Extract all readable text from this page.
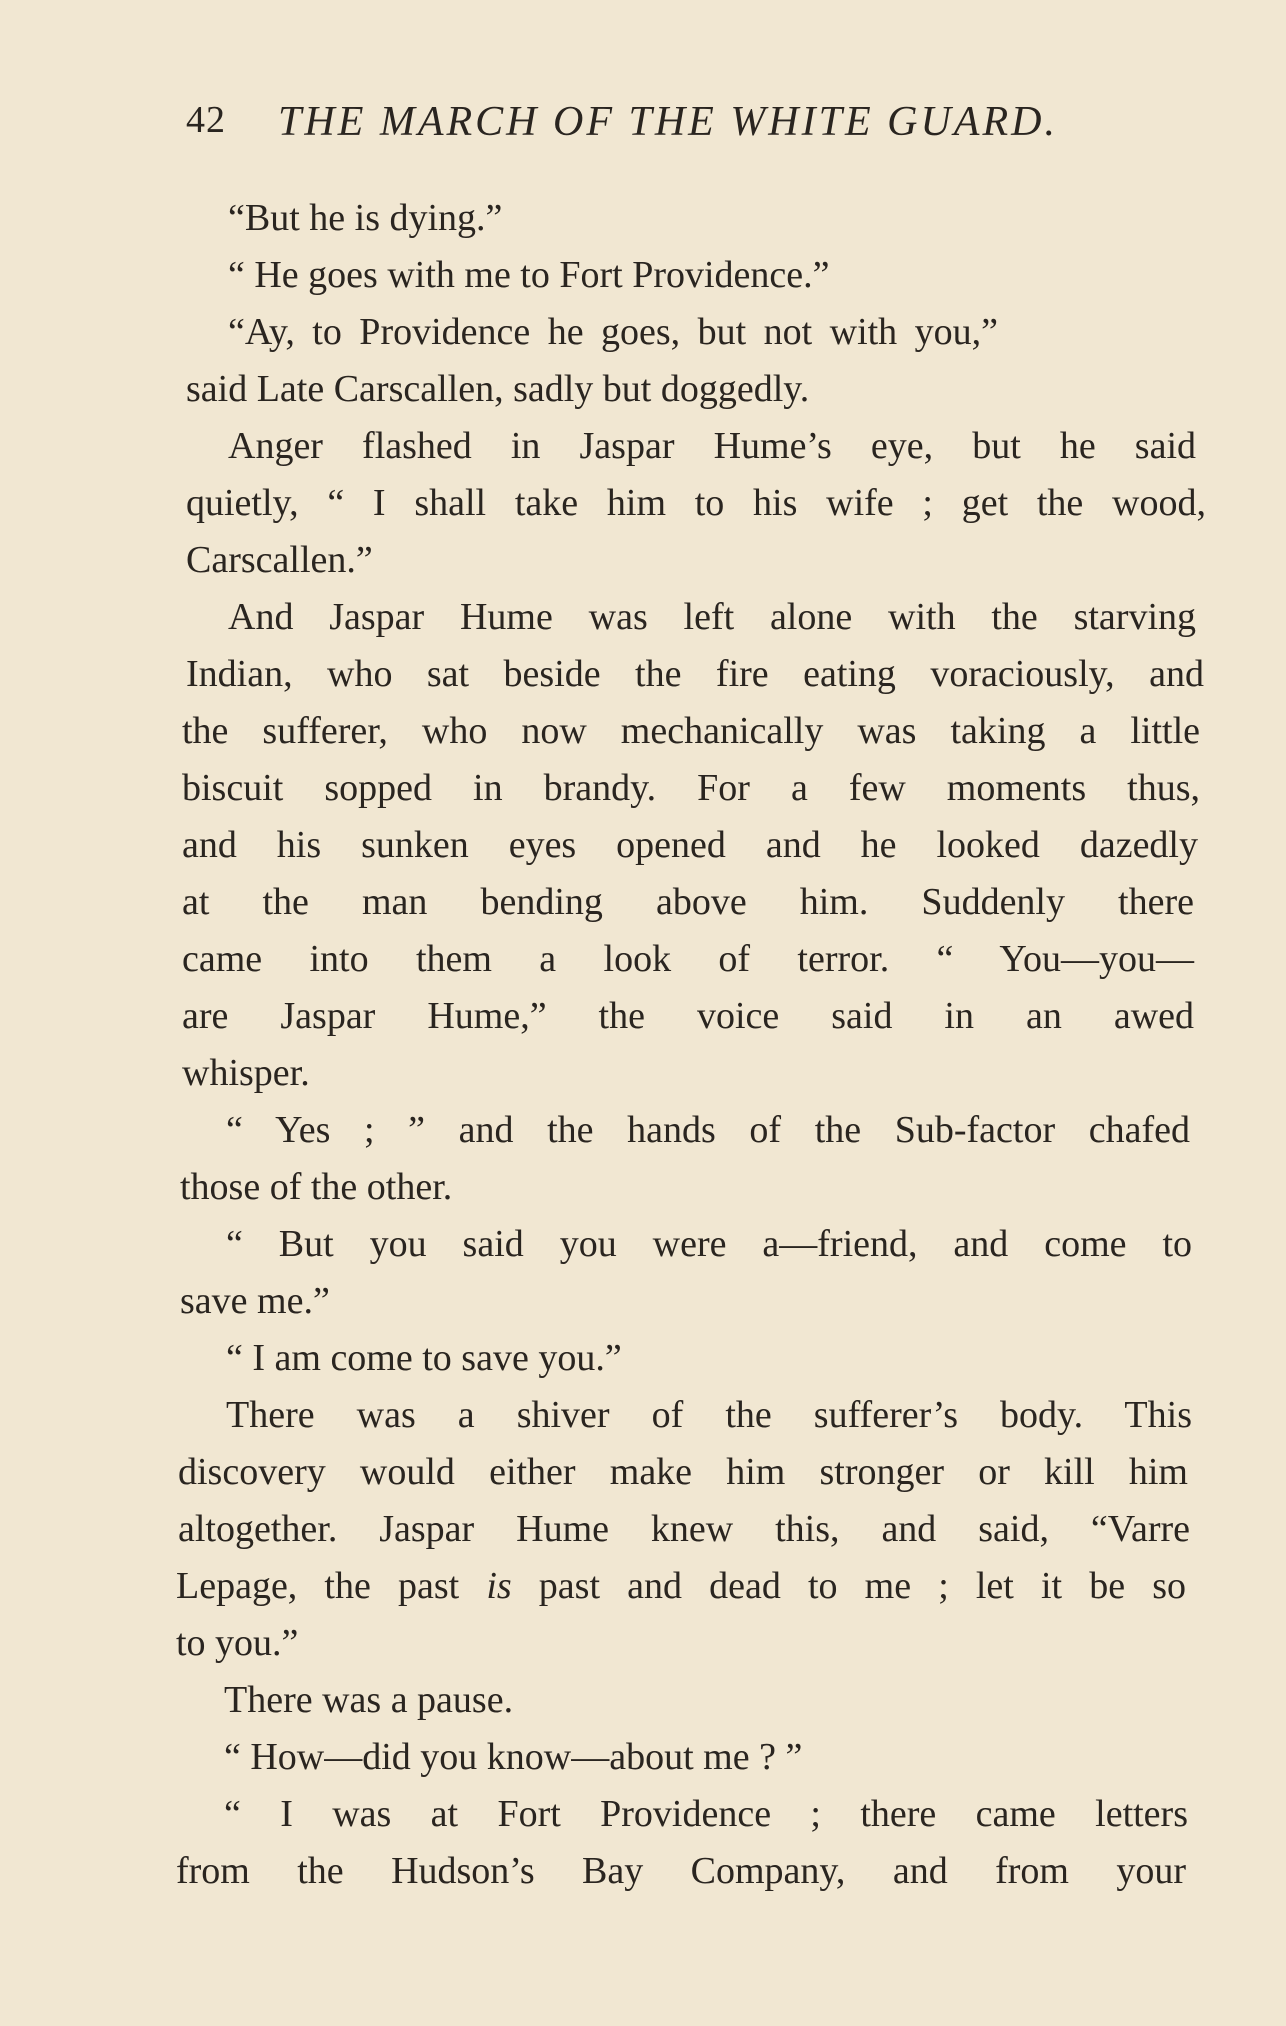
42 THE MARCH OF THE WHITE GUARD.
“But he is dying.”
“ He goes with me to Fort Providence.”
“Ay, to Providence he goes, but not with you,”
said Late Carscallen, sadly but doggedly.
Anger flashed in Jaspar Hume’s eye, but he said
quietly, “ I shall take him to his wife ; get the wood,
Carscallen.”
And Jaspar Hume was left alone with the starving
Indian, who sat beside the fire eating voraciously, and
the sufferer, who now mechanically was taking a little
biscuit sopped in brandy. For a few moments thus,
and his sunken eyes opened and he looked dazedly
at the man bending above him. Suddenly there
came into them a look of terror. “ You—you—
are Jaspar Hume,” the voice said in an awed
whisper.
“ Yes ; ” and the hands of the Sub-factor chafed
those of the other.
“ But you said you were a—friend, and come to
save me.”
“ I am come to save you.”
There was a shiver of the sufferer’s body. This
discovery would either make him stronger or kill him
altogether. Jaspar Hume knew this, and said, “Varre
Lepage, the past is past and dead to me ; let it be so
to you.”
There was a pause.
“ How—did you know—about me ? ”
“ I was at Fort Providence ; there came letters
from the Hudson’s Bay Company, and from your
